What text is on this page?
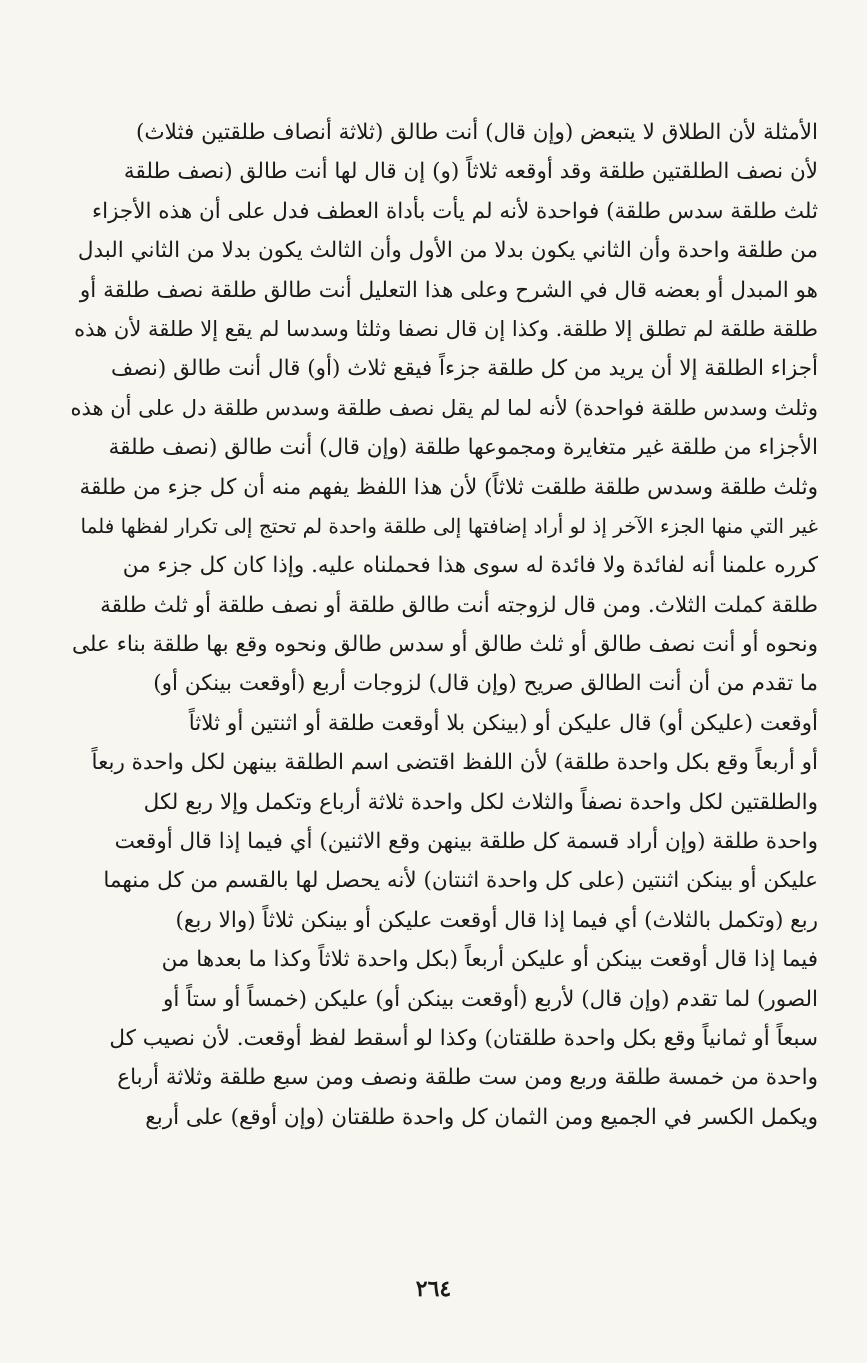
الأمثلة لأن الطلاق لا يتبعض (وإن قال) أنت طالق (ثلاثة أنصاف طلقتين فثلاث)
لأن نصف الطلقتين طلقة وقد أوقعه ثلاثاً (و) إن قال لها أنت طالق (نصف طلقة
ثلث طلقة سدس طلقة) فواحدة لأنه لم يأت بأداة العطف فدل على أن هذه الأجزاء
من طلقة واحدة وأن الثاني يكون بدلا من الأول وأن الثالث يكون بدلا من الثاني البدل
هو المبدل أو بعضه قال في الشرح وعلى هذا التعليل أنت طالق طلقة نصف طلقة أو
طلقة طلقة لم تطلق إلا طلقة. وكذا إن قال نصفا وثلثا وسدسا لم يقع إلا طلقة لأن هذه
أجزاء الطلقة إلا أن يريد من كل طلقة جزءاً فيقع ثلاث (أو) قال أنت طالق (نصف
وثلث وسدس طلقة فواحدة) لأنه لما لم يقل نصف طلقة وسدس طلقة دل على أن هذه
الأجزاء من طلقة غير متغايرة ومجموعها طلقة (وإن قال) أنت طالق (نصف طلقة
وثلث طلقة وسدس طلقة طلقت ثلاثاً) لأن هذا اللفظ يفهم منه أن كل جزء من طلقة
غير التي منها الجزء الآخر إذ لو أراد إضافتها إلى طلقة واحدة لم تحتج إلى تكرار لفظها فلما
كرره علمنا أنه لفائدة ولا فائدة له سوى هذا فحملناه عليه. وإذا كان كل جزء من
طلقة كملت الثلاث. ومن قال لزوجته أنت طالق طلقة أو نصف طلقة أو ثلث طلقة
ونحوه أو أنت نصف طالق أو ثلث طالق أو سدس طالق ونحوه وقع بها طلقة بناء على
ما تقدم من أن أنت الطالق صريح (وإن قال) لزوجات أربع (أوقعت بينكن أو)
أوقعت (عليكن أو) قال عليكن أو (بينكن بلا أوقعت طلقة أو اثنتين أو ثلاثاً
أو أربعاً وقع بكل واحدة طلقة) لأن اللفظ اقتضى اسم الطلقة بينهن لكل واحدة ربعاً
والطلقتين لكل واحدة نصفاً والثلاث لكل واحدة ثلاثة أرباع وتكمل وإلا ربع لكل
واحدة طلقة (وإن أراد قسمة كل طلقة بينهن وقع الاثنين) أي فيما إذا قال أوقعت
عليكن أو بينكن اثنتين (على كل واحدة اثنتان) لأنه يحصل لها بالقسم من كل منهما
ربع (وتكمل بالثلاث) أي فيما إذا قال أوقعت عليكن أو بينكن ثلاثاً (والا ربع)
فيما إذا قال أوقعت بينكن أو عليكن أربعاً (بكل واحدة ثلاثاً وكذا ما بعدها من
الصور) لما تقدم (وإن قال) لأربع (أوقعت بينكن أو) عليكن (خمساً أو ستاً أو
سبعاً أو ثمانياً وقع بكل واحدة طلقتان) وكذا لو أسقط لفظ أوقعت. لأن نصيب كل
واحدة من خمسة طلقة وربع ومن ست طلقة ونصف ومن سبع طلقة وثلاثة أرباع
ويكمل الكسر في الجميع ومن الثمان كل واحدة طلقتان (وإن أوقع) على أربع
٢٦٤
